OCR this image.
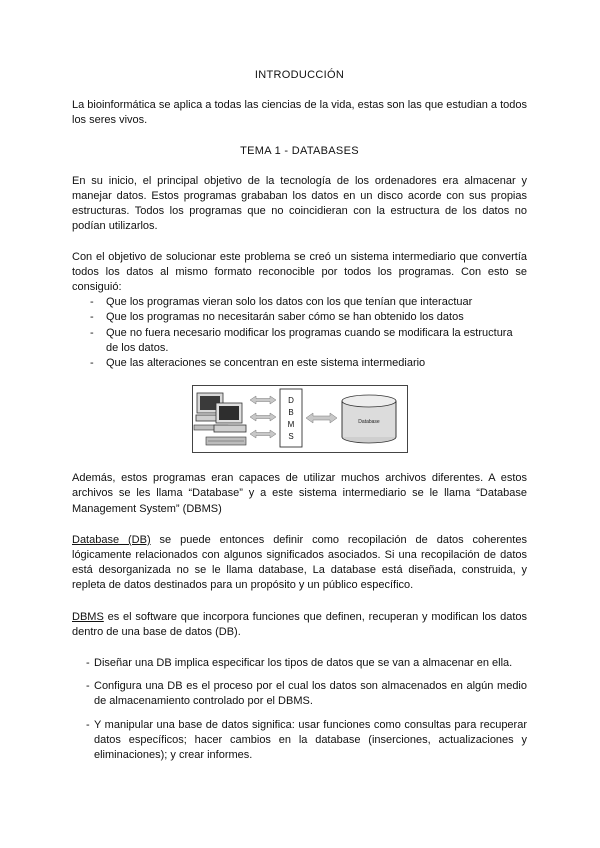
INTRODUCCIÓN

La bioinformática se aplica a todas las ciencias de la vida, estas son las que estudian a todos los seres vivos.

TEMA 1 - DATABASES

En su inicio, el principal objetivo de la tecnología de los ordenadores era almacenar y manejar datos. Estos programas grababan los datos en un disco acorde con sus propias estructuras. Todos los programas que no coincidieran con la estructura de los datos no podían utilizarlos.

Con el objetivo de solucionar este problema se creó un sistema intermediario que convertía todos los datos al mismo formato reconocible por todos los programas. Con esto se consiguió:

- Que los programas vieran solo los datos con los que tenían que interactuar
- Que los programas no necesitarán saber cómo se han obtenido los datos
- Que no fuera necesario modificar los programas cuando se modificara la estructura de los datos.
- Que las alteraciones se concentran en este sistema intermediario
D
B
M
S
Database

Además, estos programas eran capaces de utilizar muchos archivos diferentes. A estos archivos se les llama “Database” y a este sistema intermediario se le llama “Database Management System” (DBMS)

Database (DB) se puede entonces definir como recopilación de datos coherentes lógicamente relacionados con algunos significados asociados. Si una recopilación de datos está desorganizada no se le llama database, La database está diseñada, construida, y repleta de datos destinados para un propósito y un público específico.

DBMS es el software que incorpora funciones que definen, recuperan y modifican los datos dentro de una base de datos (DB).

- Diseñar una DB implica especificar los tipos de datos que se van a almacenar en ella.
- Configura una DB es el proceso por el cual los datos son almacenados en algún medio de almacenamiento controlado por el DBMS.
- Y manipular una base de datos significa: usar funciones como consultas para recuperar datos específicos; hacer cambios en la database (inserciones, actualizaciones y eliminaciones); y crear informes.
